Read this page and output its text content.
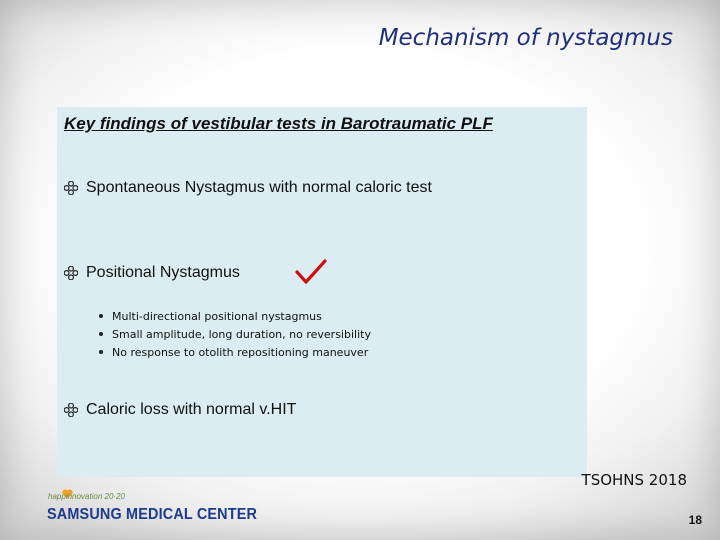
Mechanism of nystagmus
Key findings of vestibular tests in Barotraumatic PLF
Spontaneous Nystagmus with normal caloric test
Positional Nystagmus
Multi-directional positional nystagmus
Small amplitude, long duration, no reversibility
No response to otolith repositioning maneuver
Caloric loss with normal v.HIT
TSOHNS 2018
happinnovation 20·20
SAMSUNG MEDICAL CENTER	18
